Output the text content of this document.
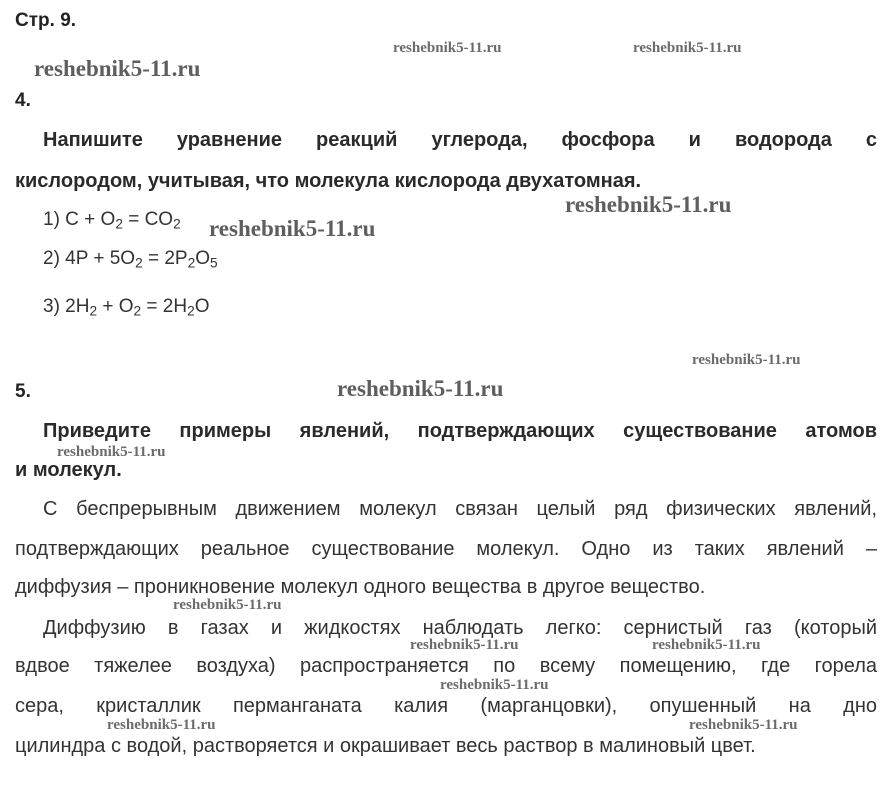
Стр. 9.
4.
Напишите уравнение реакций углерода, фосфора и водорода с
кислородом, учитывая, что молекула кислорода двухатомная.
1) $C + O_2 = CO_2$
2) $4P + 5O_2 = 2P_2O_5$
3) $2H_2 + O_2 = 2H_2O$
5.
Приведите примеры явлений, подтверждающих существование атомов
и молекул.
С беспрерывным движением молекул связан целый ряд физических явлений,
подтверждающих реальное существование молекул. Одно из таких явлений –
диффузия – проникновение молекул одного вещества в другое вещество.
Диффузию в газах и жидкостях наблюдать легко: сернистый газ (который
вдвое тяжелее воздуха) распространяется по всему помещению, где горела
сера, кристаллик перманганата калия (марганцовки), опушенный на дно
цилиндра с водой, растворяется и окрашивает весь раствор в малиновый цвет.
reshebnik5-11.ru	reshebnik5-11.ru
reshebnik5-11.ru
reshebnik5-11.ru
reshebnik5-11.ru
reshebnik5-11.ru
reshebnik5-11.ru
reshebnik5-11.ru
reshebnik5-11.ru
reshebnik5-11.ru	reshebnik5-11.ru
reshebnik5-11.ru
reshebnik5-11.ru	reshebnik5-11.ru
